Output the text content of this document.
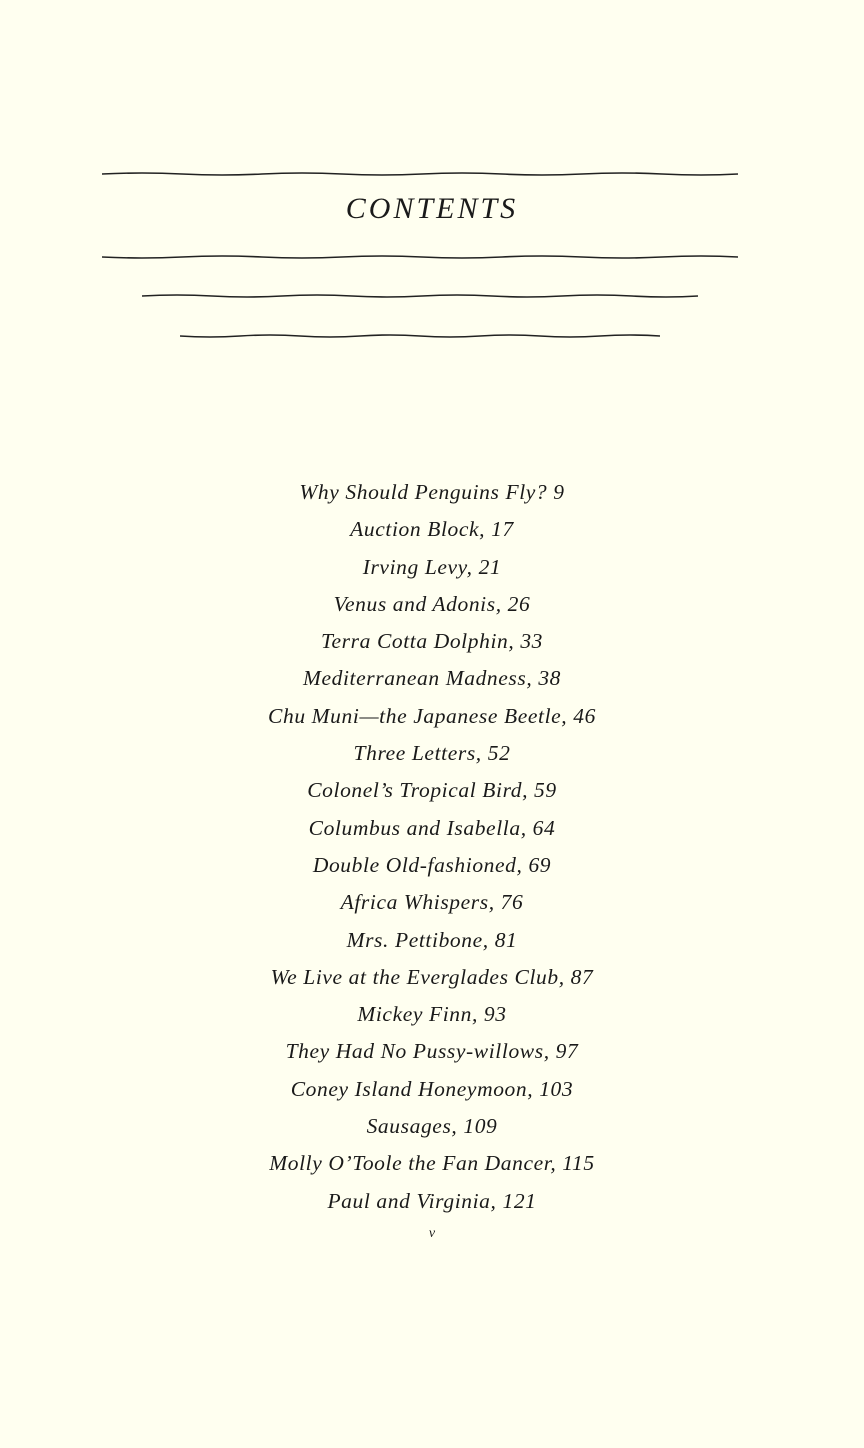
CONTENTS
Why Should Penguins Fly? 9
Auction Block, 17
Irving Levy, 21
Venus and Adonis, 26
Terra Cotta Dolphin, 33
Mediterranean Madness, 38
Chu Muni—the Japanese Beetle, 46
Three Letters, 52
Colonel’s Tropical Bird, 59
Columbus and Isabella, 64
Double Old-fashioned, 69
Africa Whispers, 76
Mrs. Pettibone, 81
We Live at the Everglades Club, 87
Mickey Finn, 93
They Had No Pussy-willows, 97
Coney Island Honeymoon, 103
Sausages, 109
Molly O’Toole the Fan Dancer, 115
Paul and Virginia, 121
v
